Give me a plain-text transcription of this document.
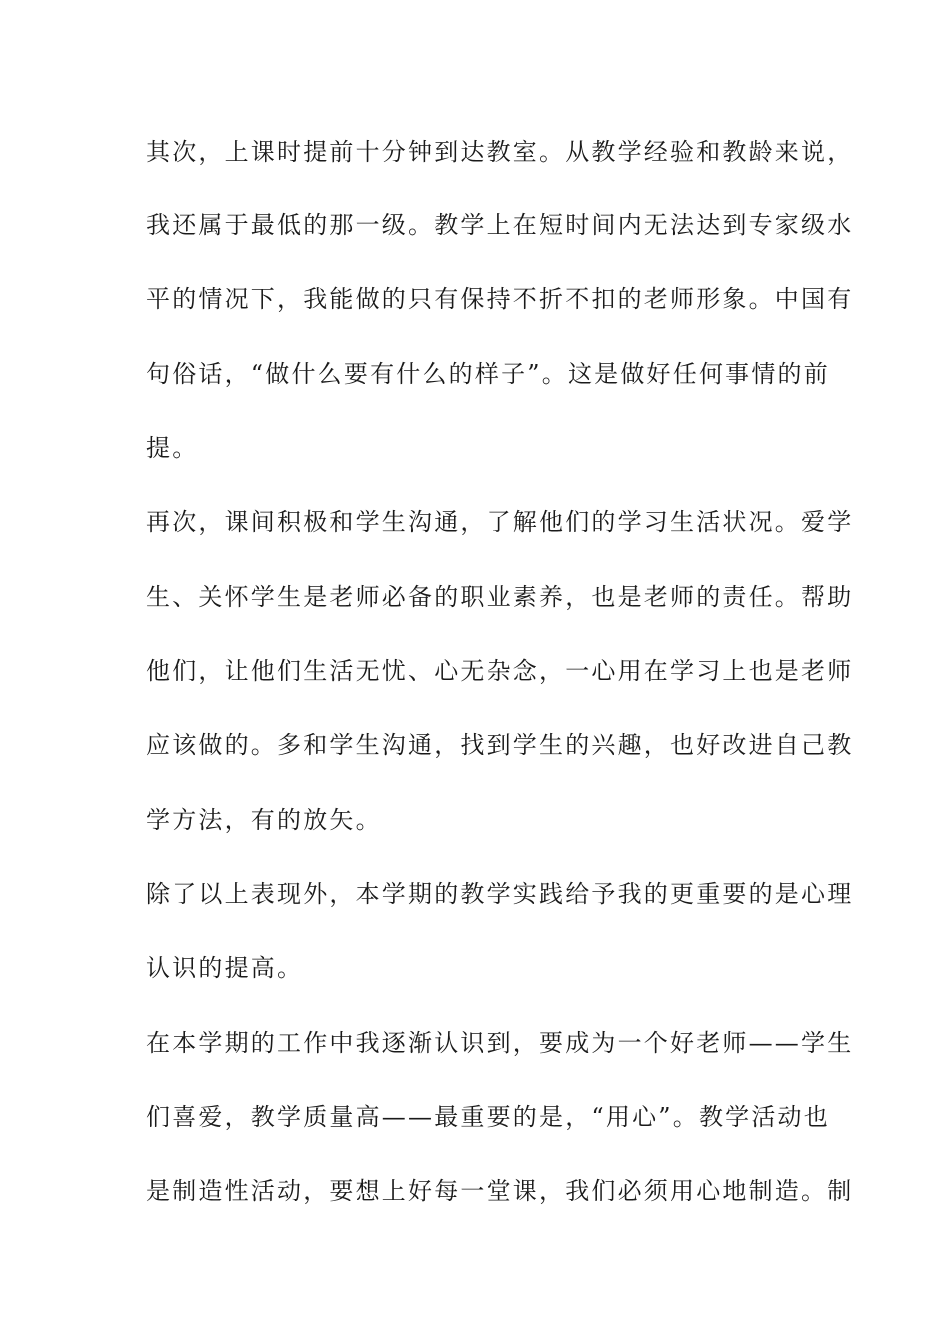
其次，上课时提前十分钟到达教室。从教学经验和教龄来说，
我还属于最低的那一级。教学上在短时间内无法达到专家级水
平的情况下，我能做的只有保持不折不扣的老师形象。中国有
句俗话，“做什么要有什么的样子”。这是做好任何事情的前
提。
再次，课间积极和学生沟通，了解他们的学习生活状况。爱学
生、关怀学生是老师必备的职业素养，也是老师的责任。帮助
他们，让他们生活无忧、心无杂念，一心用在学习上也是老师
应该做的。多和学生沟通，找到学生的兴趣，也好改进自己教
学方法，有的放矢。
除了以上表现外，本学期的教学实践给予我的更重要的是心理
认识的提高。
在本学期的工作中我逐渐认识到，要成为一个好老师——学生
们喜爱，教学质量高——最重要的是，“用心”。教学活动也
是制造性活动，要想上好每一堂课，我们必须用心地制造。制
